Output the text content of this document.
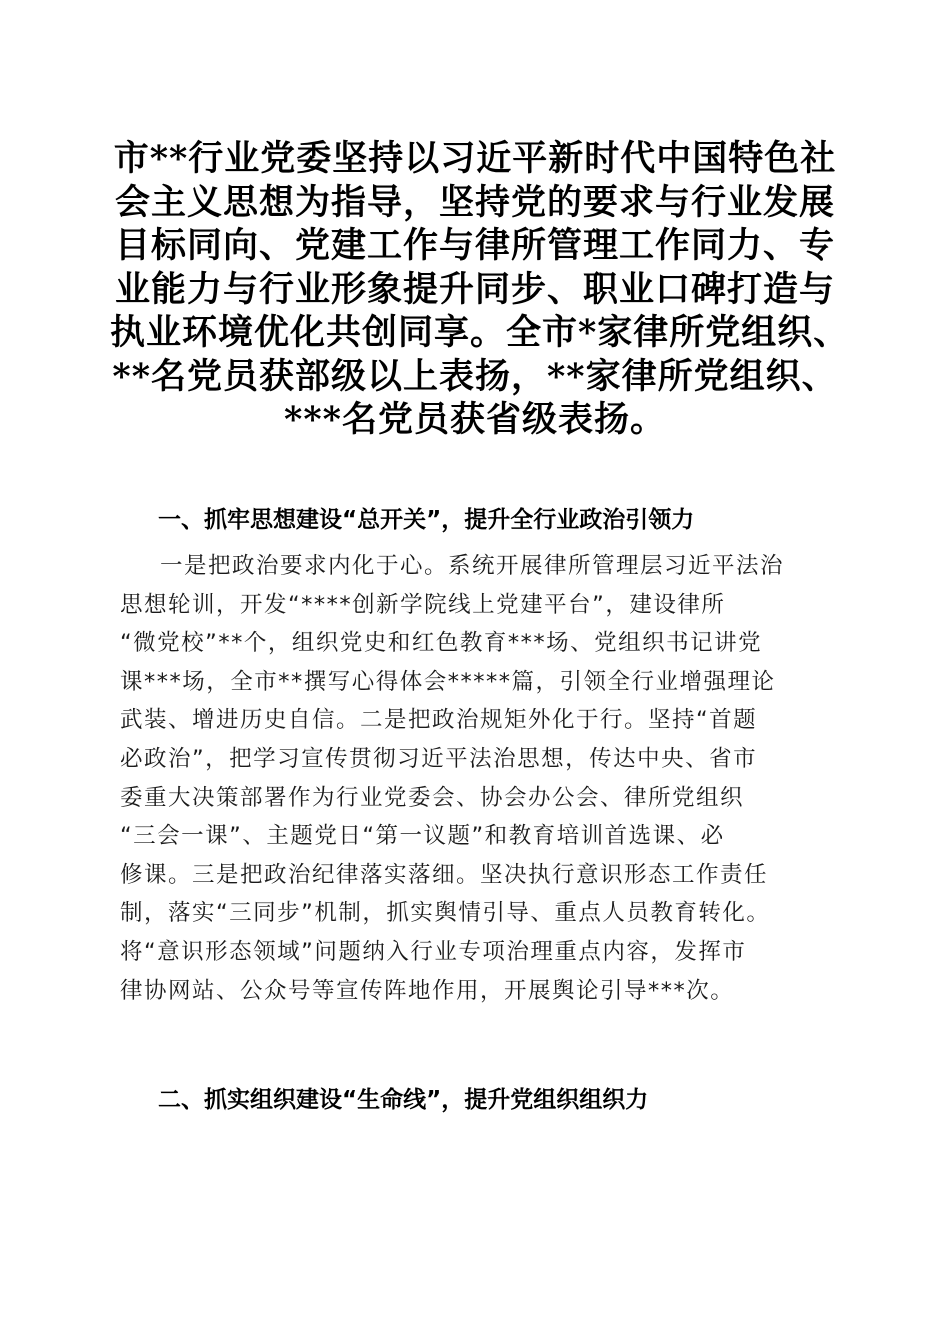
市**行业党委坚持以习近平新时代中国特色社
会主义思想为指导，坚持党的要求与行业发展
目标同向、党建工作与律所管理工作同力、专
业能力与行业形象提升同步、职业口碑打造与
执业环境优化共创同享。全市*家律所党组织、
**名党员获部级以上表扬，**家律所党组织、
***名党员获省级表扬。
一、抓牢思想建设“总开关”，提升全行业政治引领力
一是把政治要求内化于心。系统开展律所管理层习近平法治
思想轮训，开发“****创新学院线上党建平台”，建设律所
“微党校”**个，组织党史和红色教育***场、党组织书记讲党
课***场，全市**撰写心得体会*****篇，引领全行业增强理论
武装、增进历史自信。二是把政治规矩外化于行。坚持“首题
必政治”，把学习宣传贯彻习近平法治思想，传达中央、省市
委重大决策部署作为行业党委会、协会办公会、律所党组织
“三会一课”、主题党日“第一议题”和教育培训首选课、必
修课。三是把政治纪律落实落细。坚决执行意识形态工作责任
制，落实“三同步”机制，抓实舆情引导、重点人员教育转化。
将“意识形态领域”问题纳入行业专项治理重点内容，发挥市
律协网站、公众号等宣传阵地作用，开展舆论引导***次。
二、抓实组织建设“生命线”，提升党组织组织力
